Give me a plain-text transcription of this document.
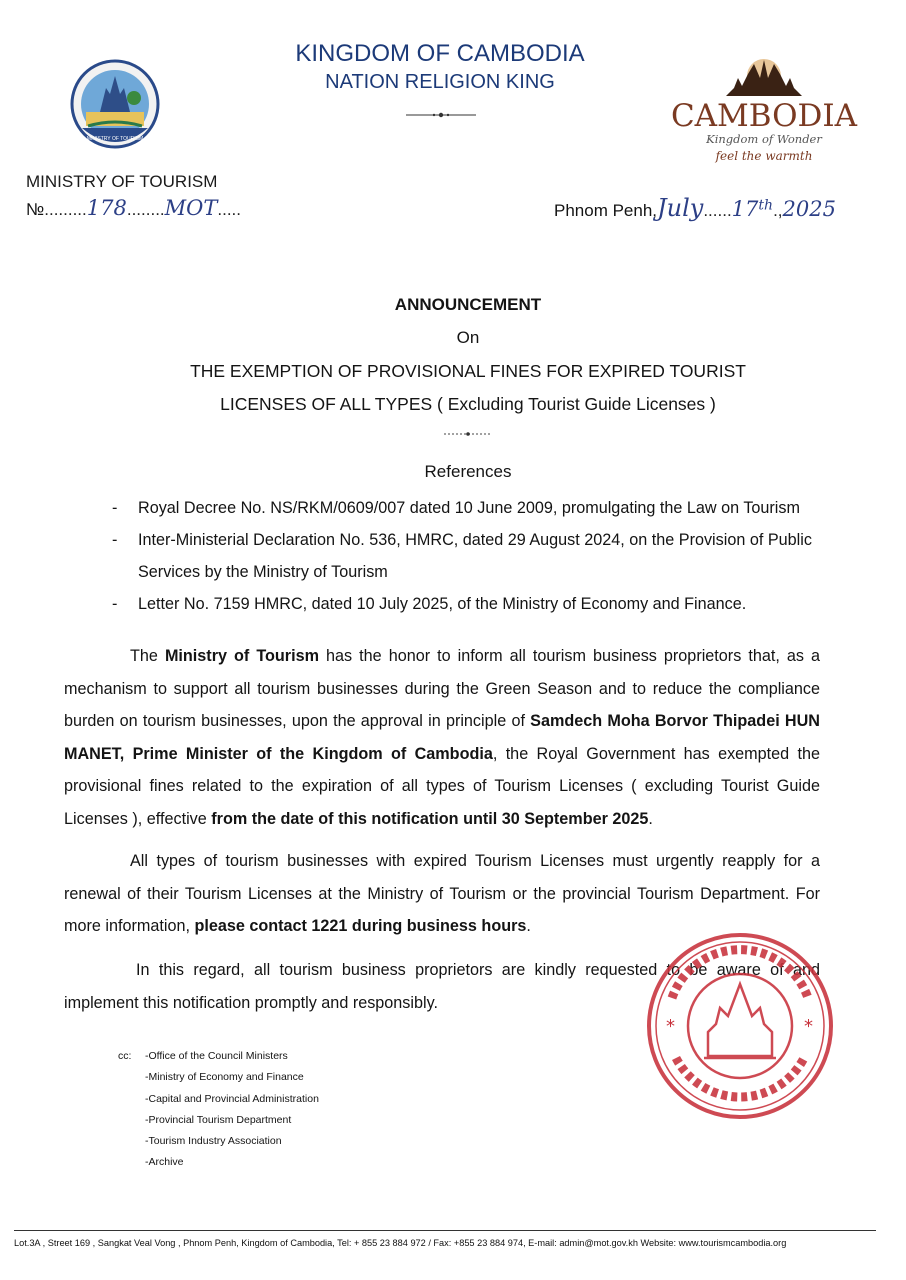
KINGDOM OF CAMBODIA
NATION RELIGION KING
MINISTRY OF TOURISM
CAMBODIA
Kingdom of Wonder
feel the warmth
MINISTRY OF TOURISM
№.........178........MOT.....	Phnom Penh,July......17th.,2025
ANNOUNCEMENT
On
THE EXEMPTION OF PROVISIONAL FINES FOR EXPIRED TOURIST
LICENSES OF ALL TYPES ( Excluding Tourist Guide Licenses )
References
-	Royal Decree No. NS/RKM/0609/007 dated 10 June 2009, promulgating the Law on Tourism
-	Inter-Ministerial Declaration No. 536, HMRC, dated 29 August 2024, on the Provision of Public Services by the Ministry of Tourism
-	Letter No. 7159 HMRC, dated 10 July 2025, of the Ministry of Economy and Finance.
The Ministry of Tourism has the honor to inform all tourism business proprietors that, as a mechanism to support all tourism businesses during the Green Season and to reduce the compliance burden on tourism businesses, upon the approval in principle of Samdech Moha Borvor Thipadei HUN MANET, Prime Minister of the Kingdom of Cambodia, the Royal Government has exempted the provisional fines related to the expiration of all types of Tourism Licenses ( excluding Tourist Guide Licenses ), effective from the date of this notification until 30 September 2025.
All types of tourism businesses with expired Tourism Licenses must urgently reapply for a renewal of their Tourism Licenses at the Ministry of Tourism or the provincial Tourism Department. For more information, please contact 1221 during business hours.
In this regard, all tourism business proprietors are kindly requested to be aware of and implement this notification promptly and responsibly.
*	*
cc: -Office of the Council Ministers
-Ministry of Economy and Finance
-Capital and Provincial Administration
-Provincial Tourism Department
-Tourism Industry Association
-Archive
Lot.3A , Street 169 , Sangkat Veal Vong , Phnom Penh, Kingdom of Cambodia, Tel: + 855 23 884 972 / Fax: +855 23 884 974, E-mail: admin@mot.gov.kh Website: www.tourismcambodia.org
